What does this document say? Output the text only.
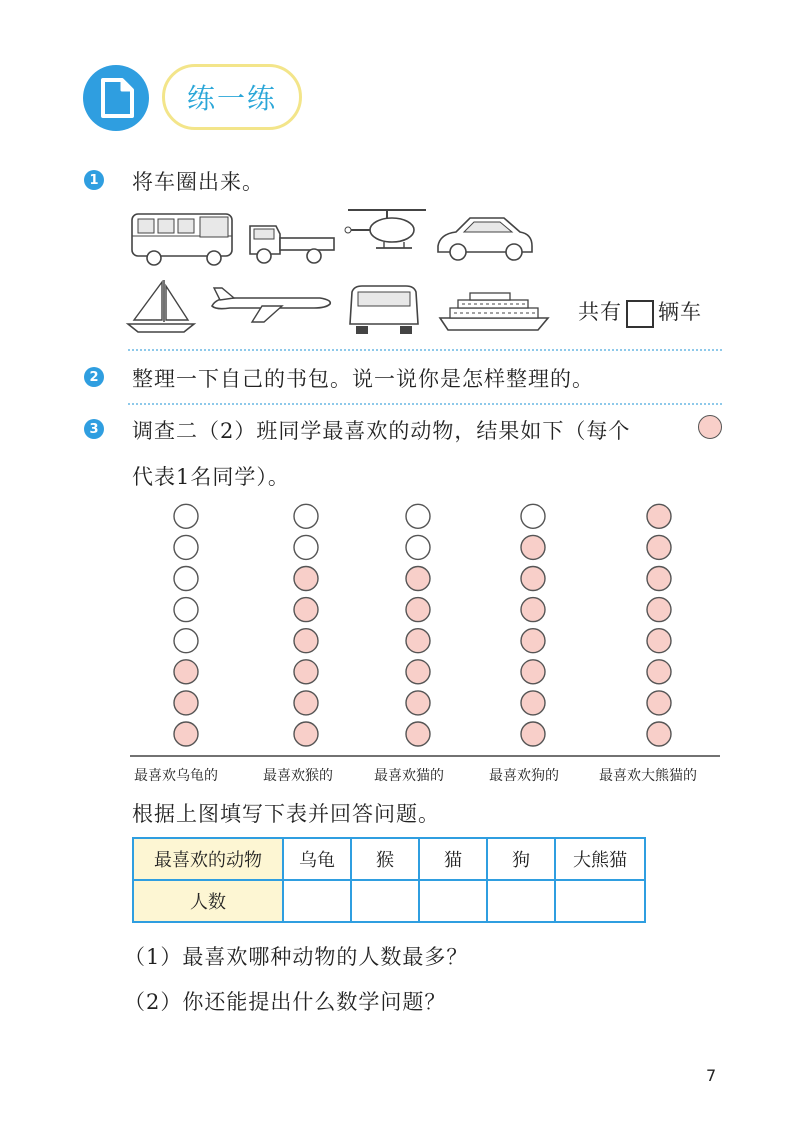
练一练
1 将车圈出来。
共有 辆车
2 整理一下自己的书包。说一说你是怎样整理的。
3 调查二（2）班同学最喜欢的动物，结果如下（每个
代表1名同学）。
最喜欢乌龟的	最喜欢猴的	最喜欢猫的	最喜欢狗的	最喜欢大熊猫的
根据上图填写下表并回答问题。
最喜欢的动物	乌龟	猴	猫	狗	大熊猫
人数					
（1）最喜欢哪种动物的人数最多？
（2）你还能提出什么数学问题？
7
